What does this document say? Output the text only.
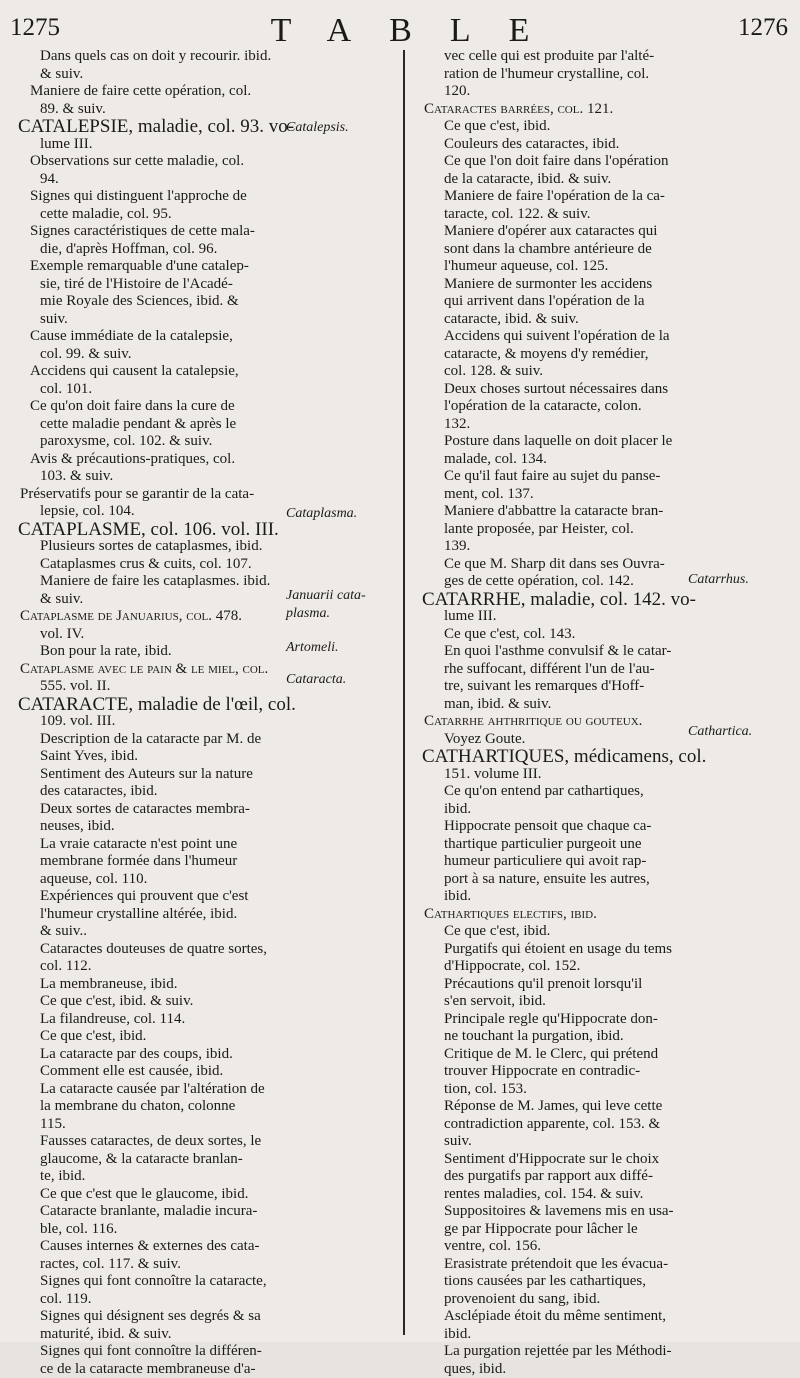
1275	TABLE	1276
Dans quels cas on doit y recourir. ibid.
& suiv.
Maniere de faire cette opération, col.
89. & suiv.
CATALEPSIE, maladie, col. 93. vo-
lume III.
Observations sur cette maladie, col.
94.
Signes qui distinguent l'approche de
cette maladie, col. 95.
Signes caractéristiques de cette mala-
die, d'après Hoffman, col. 96.
Exemple remarquable d'une catalep-
sie, tiré de l'Histoire de l'Acadé-
mie Royale des Sciences, ibid. &
suiv.
Cause immédiate de la catalepsie,
col. 99. & suiv.
Accidens qui causent la catalepsie,
col. 101.
Ce qu'on doit faire dans la cure de
cette maladie pendant & après le
paroxysme, col. 102. & suiv.
Avis & précautions-pratiques, col.
103. & suiv.
Préservatifs pour se garantir de la cata-
lepsie, col. 104.
CATAPLASME, col. 106. vol. III.
Plusieurs sortes de cataplasmes, ibid.
Cataplasmes crus & cuits, col. 107.
Maniere de faire les cataplasmes. ibid.
& suiv.
Cataplasme de Januarius, col. 478.
vol. IV.
Bon pour la rate, ibid.
Cataplasme avec le pain & le miel, col.
555. vol. II.
CATARACTE, maladie de l'œil, col.
109. vol. III.
Description de la cataracte par M. de
Saint Yves, ibid.
Sentiment des Auteurs sur la nature
des cataractes, ibid.
Deux sortes de cataractes membra-
neuses, ibid.
La vraie cataracte n'est point une
membrane formée dans l'humeur
aqueuse, col. 110.
Expériences qui prouvent que c'est
l'humeur crystalline altérée, ibid.
& suiv..
Cataractes douteuses de quatre sortes,
col. 112.
La membraneuse, ibid.
Ce que c'est, ibid. & suiv.
La filandreuse, col. 114.
Ce que c'est, ibid.
La cataracte par des coups, ibid.
Comment elle est causée, ibid.
La cataracte causée par l'altération de
la membrane du chaton, colonne
115.
Fausses cataractes, de deux sortes, le
glaucome, & la cataracte branlan-
te, ibid.
Ce que c'est que le glaucome, ibid.
Cataracte branlante, maladie incura-
ble, col. 116.
Causes internes & externes des cata-
ractes, col. 117. & suiv.
Signes qui font connoître la cataracte,
col. 119.
Signes qui désignent ses degrés & sa
maturité, ibid. & suiv.
Signes qui font connoître la différen-
ce de la cataracte membraneuse d'a-
vec celle qui est produite par l'alté-
ration de l'humeur crystalline, col.
120.
Cataractes barrées, col. 121.
Ce que c'est, ibid.
Couleurs des cataractes, ibid.
Ce que l'on doit faire dans l'opération
de la cataracte, ibid. & suiv.
Maniere de faire l'opération de la ca-
taracte, col. 122. & suiv.
Maniere d'opérer aux cataractes qui
sont dans la chambre antérieure de
l'humeur aqueuse, col. 125.
Maniere de surmonter les accidens
qui arrivent dans l'opération de la
cataracte, ibid. & suiv.
Accidens qui suivent l'opération de la
cataracte, & moyens d'y remédier,
col. 128. & suiv.
Deux choses surtout nécessaires dans
l'opération de la cataracte, colon.
132.
Posture dans laquelle on doit placer le
malade, col. 134.
Ce qu'il faut faire au sujet du panse-
ment, col. 137.
Maniere d'abbattre la cataracte bran-
lante proposée, par Heister, col.
139.
Ce que M. Sharp dit dans ses Ouvra-
ges de cette opération, col. 142.
CATARRHE, maladie, col. 142. vo-
lume III.
Ce que c'est, col. 143.
En quoi l'asthme convulsif & le catar-
rhe suffocant, différent l'un de l'au-
tre, suivant les remarques d'Hoff-
man, ibid. & suiv.
Catarrhe ahthritique ou goutеux.
Voyez Goute.
CATHARTIQUES, médicamens, col.
151. volume III.
Ce qu'on entend par cathartiques,
ibid.
Hippocrate pensoit que chaque ca-
thartique particulier purgeoit une
humeur particuliere qui avoit rap-
port à sa nature, ensuite les autres,
ibid.
Cathartiques electifs, ibid.
Ce que c'est, ibid.
Purgatifs qui étoient en usage du tems
d'Hippocrate, col. 152.
Précautions qu'il prenoit lorsqu'il
s'en servoit, ibid.
Principale regle qu'Hippocrate don-
ne touchant la purgation, ibid.
Critique de M. le Clerc, qui prétend
trouver Hippocrate en contradic-
tion, col. 153.
Réponse de M. James, qui leve cette
contradiction apparente, col. 153. &
suiv.
Sentiment d'Hippocrate sur le choix
des purgatifs par rapport aux diffé-
rentes maladies, col. 154. & suiv.
Suppositoires & lavemens mis en usa-
ge par Hippocrate pour lâcher le
ventre, col. 156.
Erasistrate prétendoit que les évacua-
tions causées par les cathartiques,
provenoient du sang, ibid.
Asclépiade étoit du même sentiment,
ibid.
La purgation rejettée par les Méthodi-
ques, ibid.
Catalepsis.
Cataplasma.
Januarii cata-
plasma.
Artomeli.
Cataracta.
Catarrhus.
Cathartica.
